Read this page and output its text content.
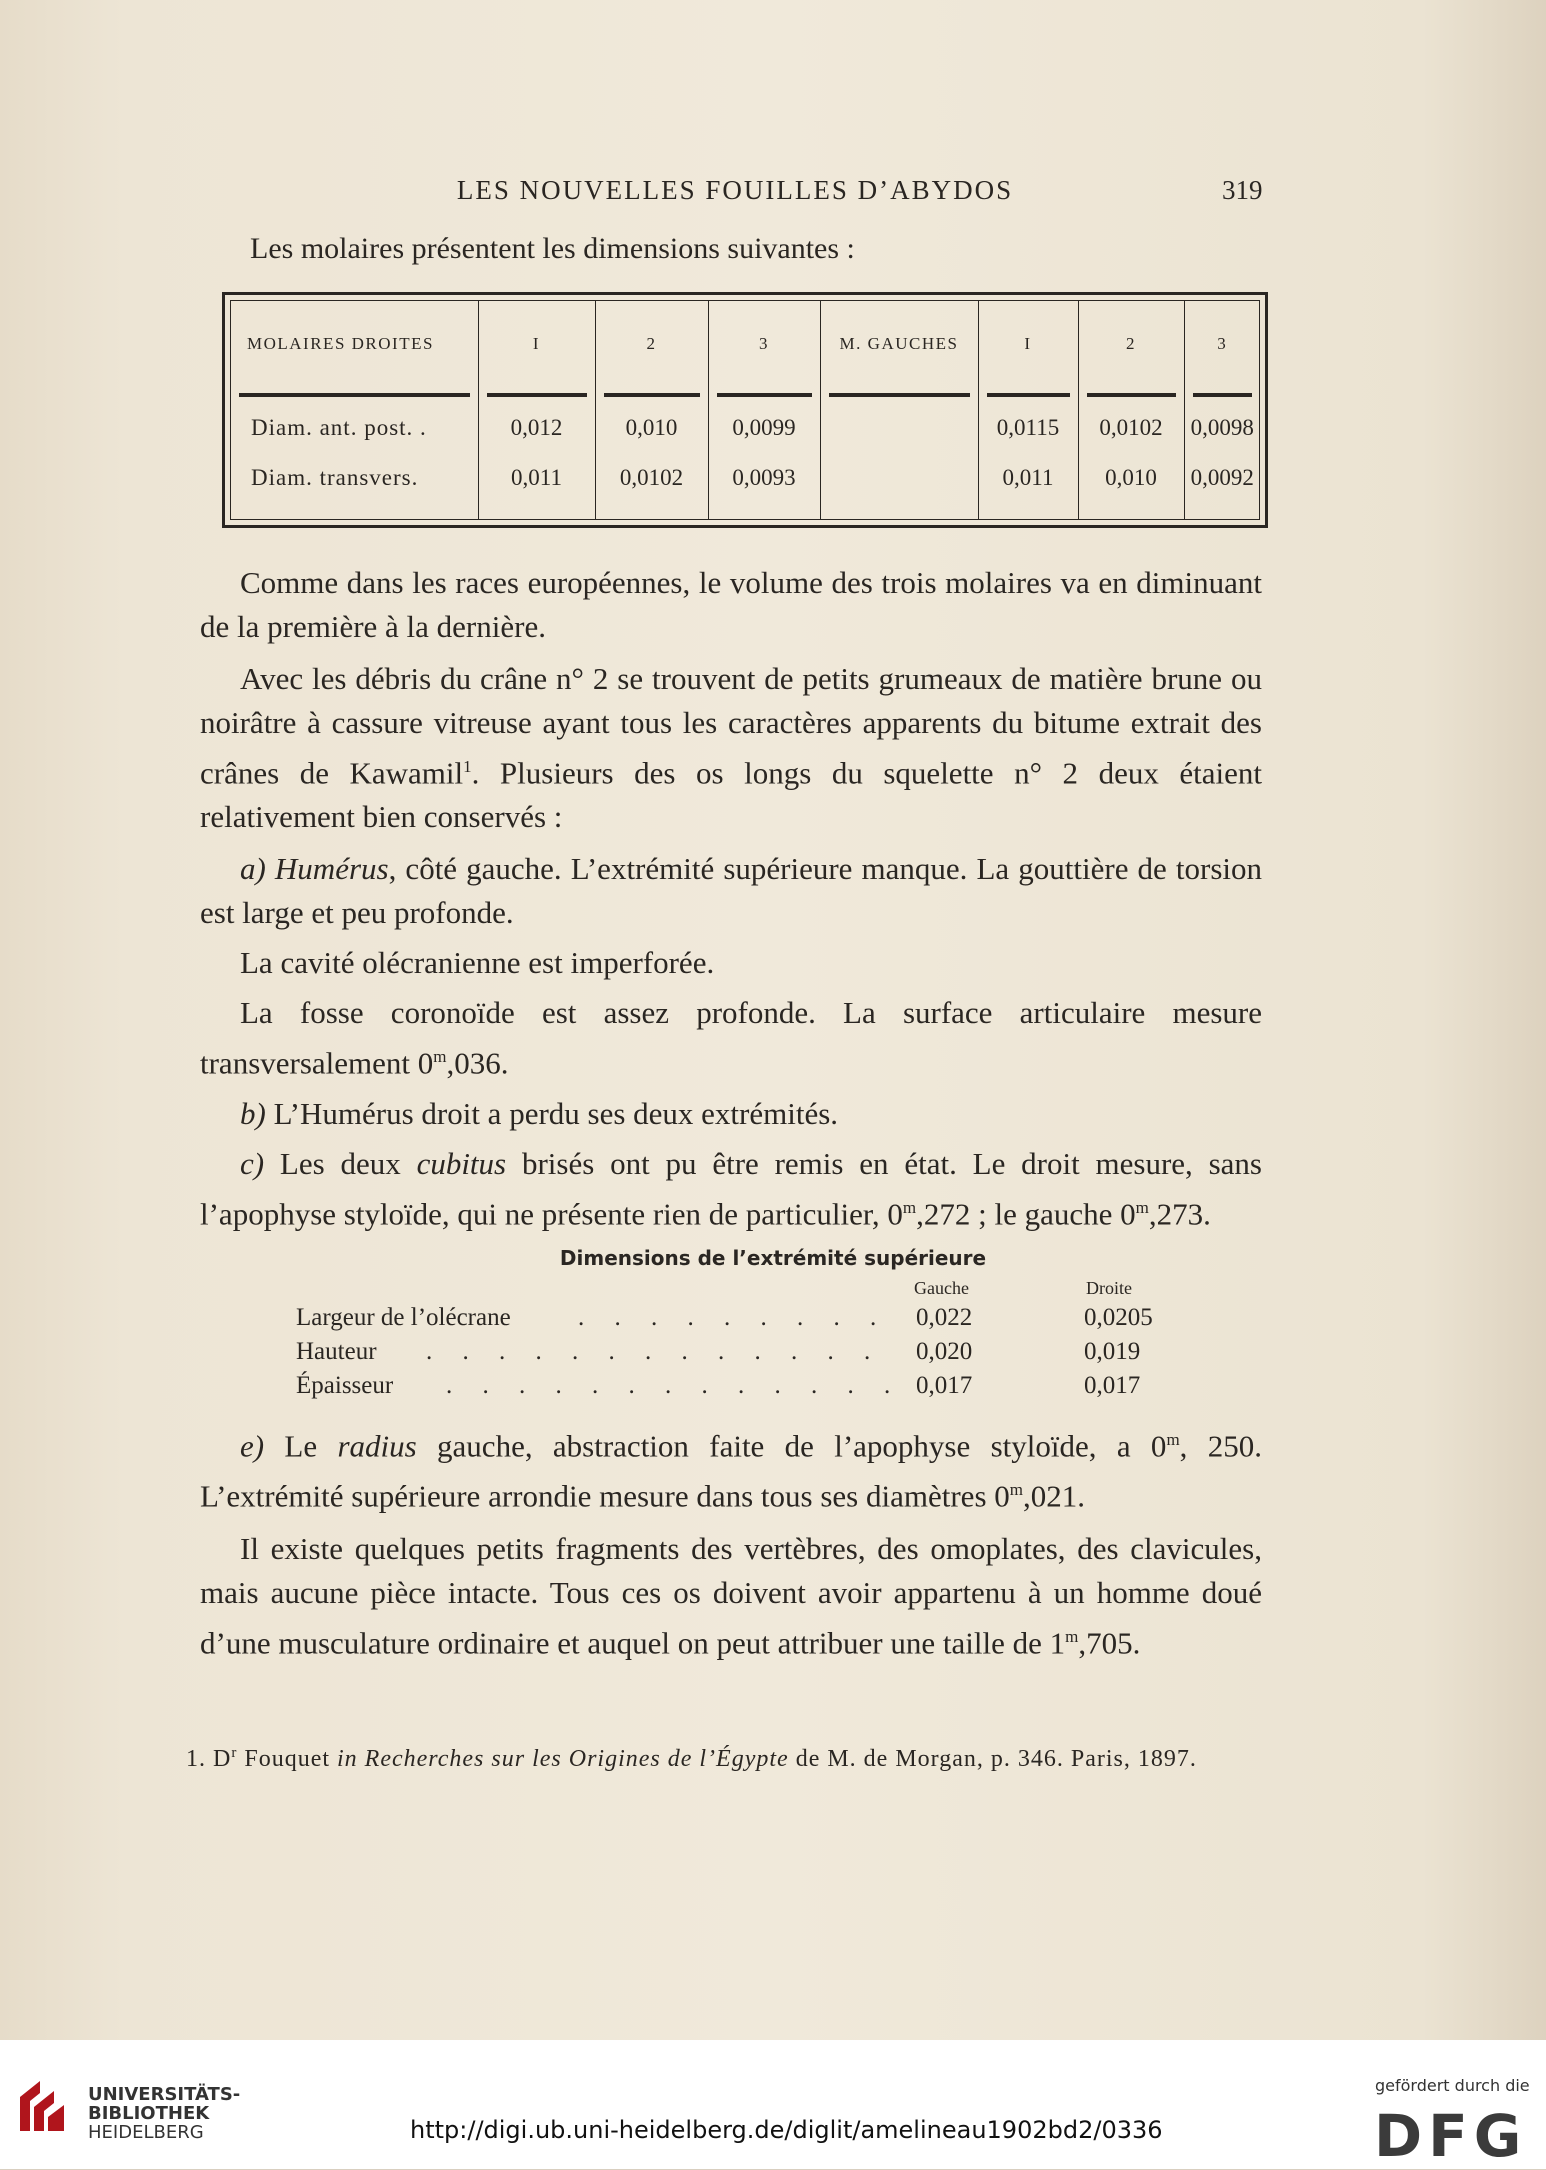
LES NOUVELLES FOUILLES D’ABYDOS	319
Les molaires présentent les dimensions suivantes :
MOLAIRES DROITES	I	2	3	M. GAUCHES	I	2	3

Diam. ant. post. .	0,012	0,010	0,0099		0,0115	0,0102	0,0098
Diam. transvers.	0,011	0,0102	0,0093		0,011	0,010	0,0092

Comme dans les races européennes, le volume des trois molaires va en diminuant de la première à la dernière.

Avec les débris du crâne n° 2 se trouvent de petits grumeaux de matière brune ou noirâtre à cassure vitreuse ayant tous les caractères apparents du bitume extrait des crânes de Kawamil$^1$. Plusieurs des os longs du squelette n° 2 deux étaient relativement bien conservés :

a) Humérus, côté gauche. L’extrémité supérieure manque. La gouttière de torsion est large et peu profonde.

La cavité olécranienne est imperforée.

La fosse coronoïde est assez profonde. La surface articulaire mesure transversalement 0$^m$,036.

b) L’Humérus droit a perdu ses deux extrémités.

c) Les deux cubitus brisés ont pu être remis en état. Le droit mesure, sans l’apophyse styloïde, qui ne présente rien de particulier, 0$^m$,272 ; le gauche 0$^m$,273.

Dimensions de l’extrémité supérieure
Gauche	Droite
Largeur de l’olécrane	. . . . . . . . . 0,022	0,0205
Hauteur . . . . . . . . . . . . . 0,020	0,019
Épaisseur . . . . . . . . . . . . . 0,017	0,017

e) Le radius gauche, abstraction faite de l’apophyse styloïde, a 0$^m$, 250. L’extrémité supérieure arrondie mesure dans tous ses diamètres 0$^m$,021.

Il existe quelques petits fragments des vertèbres, des omoplates, des clavicules, mais aucune pièce intacte. Tous ces os doivent avoir appartenu à un homme doué d’une musculature ordinaire et auquel on peut attribuer une taille de 1$^m$,705.

1. $D^r$ Fouquet in Recherches sur les Origines de l’Égypte de M. de Morgan, p. 346. Paris, 1897.
UNIVERSITÄTS-
BIBLIOTHEK
HEIDELBERG	http://digi.ub.uni-heidelberg.de/diglit/amelineau1902bd2/0336
gefördert durch die
DFG
